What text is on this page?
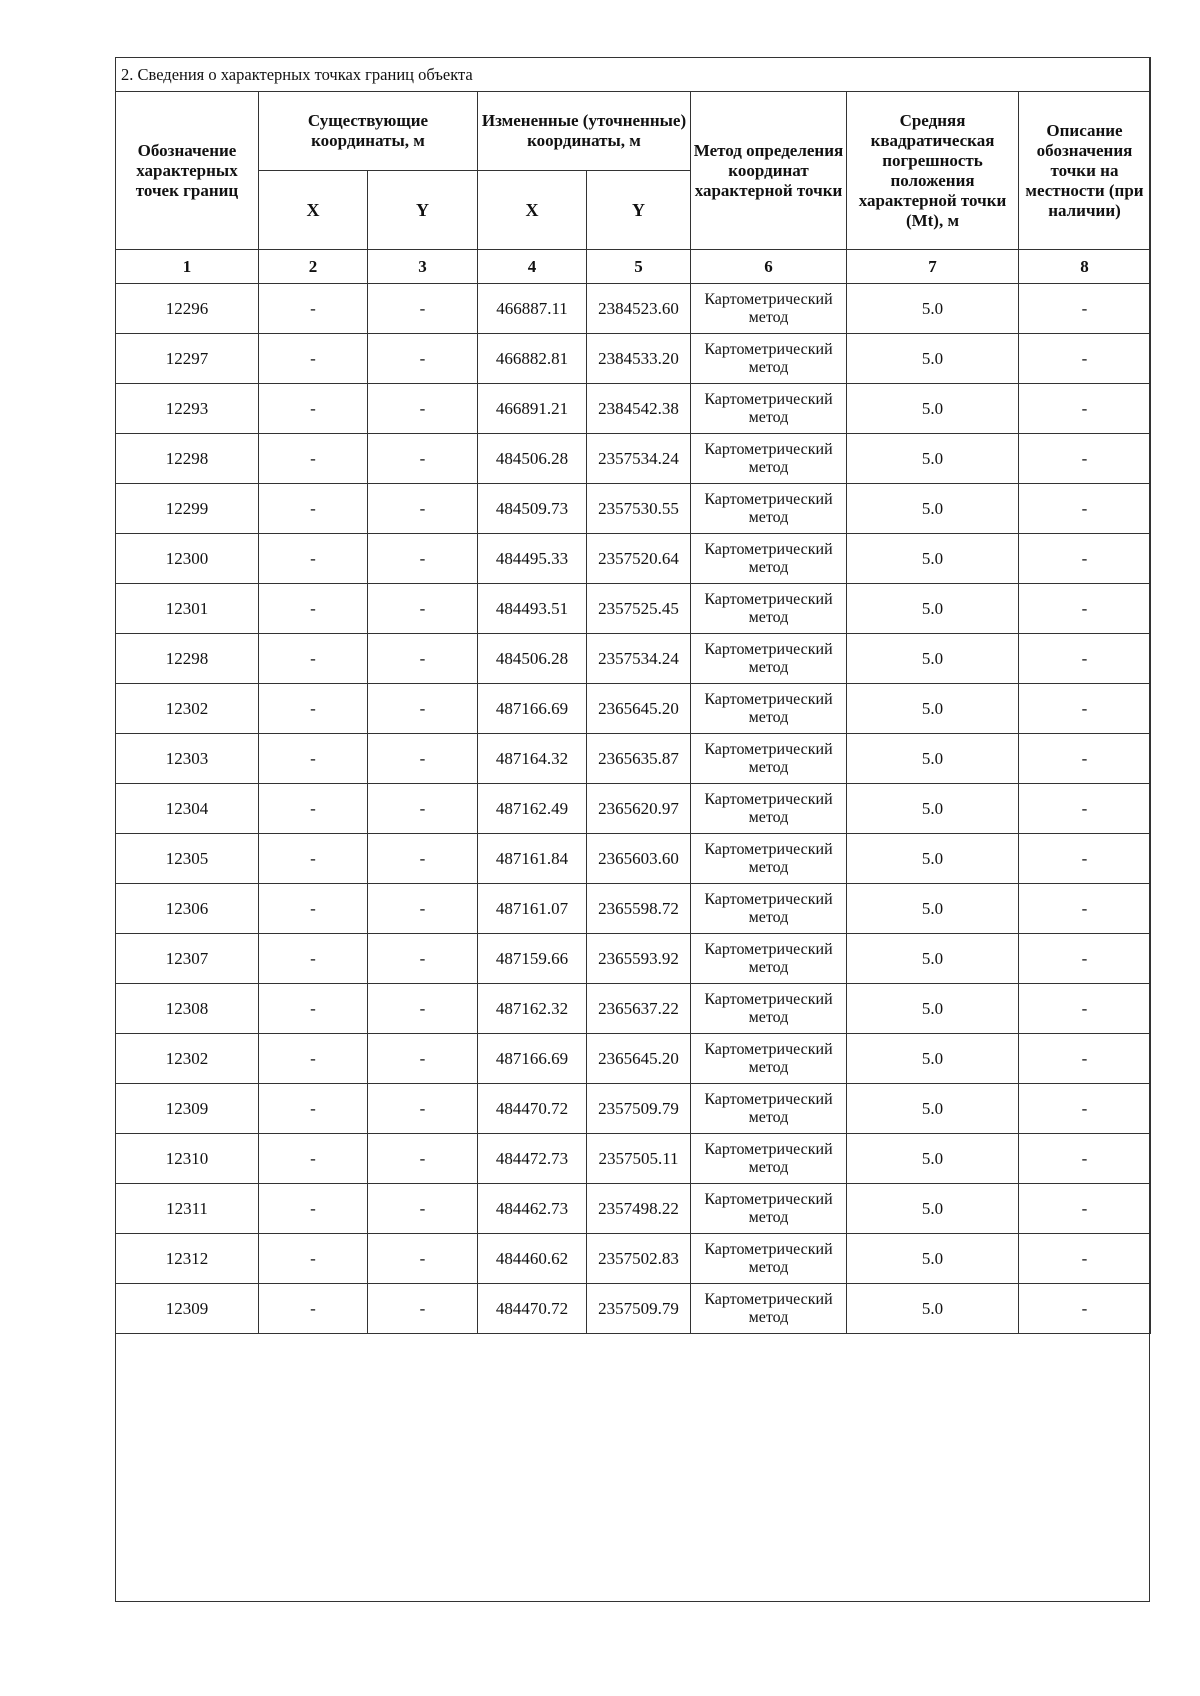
2. Сведения о характерных точках границ объекта							
Обозначение характерных точек границ	Существующие координаты, м		Измененные (уточненные) координаты, м		Метод определения координат характерной точки	Средняя квадратическая погрешность положения характерной точки (Mt), м	Описание обозначения точки на местности (при наличии)
	X	Y	X	Y			
1	2	3	4	5	6	7	8
12296	-	-	466887.11	2384523.60	Картометрический метод	5.0	-
12297	-	-	466882.81	2384533.20	Картометрический метод	5.0	-
12293	-	-	466891.21	2384542.38	Картометрический метод	5.0	-
12298	-	-	484506.28	2357534.24	Картометрический метод	5.0	-
12299	-	-	484509.73	2357530.55	Картометрический метод	5.0	-
12300	-	-	484495.33	2357520.64	Картометрический метод	5.0	-
12301	-	-	484493.51	2357525.45	Картометрический метод	5.0	-
12298	-	-	484506.28	2357534.24	Картометрический метод	5.0	-
12302	-	-	487166.69	2365645.20	Картометрический метод	5.0	-
12303	-	-	487164.32	2365635.87	Картометрический метод	5.0	-
12304	-	-	487162.49	2365620.97	Картометрический метод	5.0	-
12305	-	-	487161.84	2365603.60	Картометрический метод	5.0	-
12306	-	-	487161.07	2365598.72	Картометрический метод	5.0	-
12307	-	-	487159.66	2365593.92	Картометрический метод	5.0	-
12308	-	-	487162.32	2365637.22	Картометрический метод	5.0	-
12302	-	-	487166.69	2365645.20	Картометрический метод	5.0	-
12309	-	-	484470.72	2357509.79	Картометрический метод	5.0	-
12310	-	-	484472.73	2357505.11	Картометрический метод	5.0	-
12311	-	-	484462.73	2357498.22	Картометрический метод	5.0	-
12312	-	-	484460.62	2357502.83	Картометрический метод	5.0	-
12309	-	-	484470.72	2357509.79	Картометрический метод	5.0	-
